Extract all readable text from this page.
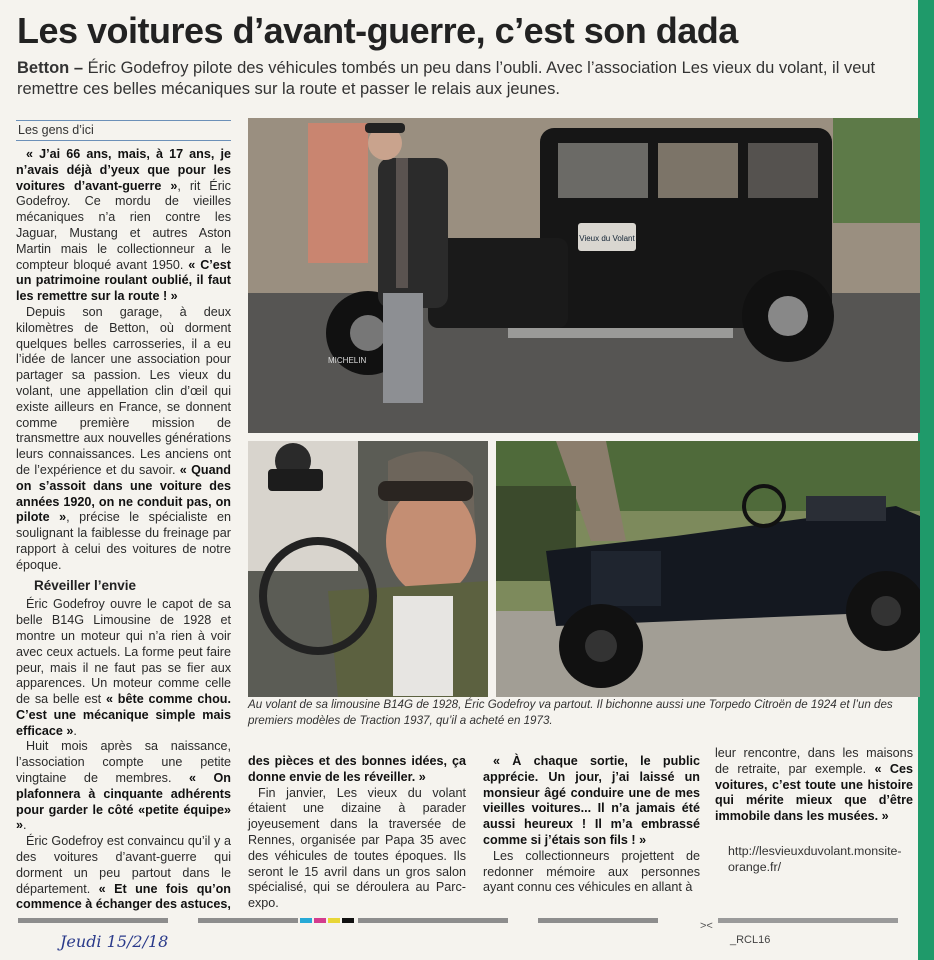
Les voitures d’avant-guerre, c’est son dada
Betton – Éric Godefroy pilote des véhicules tombés un peu dans l’oubli. Avec l’association Les vieux du volant, il veut remettre ces belles mécaniques sur la route et passer le relais aux jeunes.
Les gens d’ici

« J’ai 66 ans, mais, à 17 ans, je n’avais déjà d’yeux que pour les voitures d’avant-guerre », rit Éric Godefroy. Ce mordu de vieilles mécaniques n’a rien contre les Jaguar, Mustang et autres Aston Martin mais le collectionneur a le compteur bloqué avant 1950. « C’est un patrimoine roulant oublié, il faut les remettre sur la route ! »

Depuis son garage, à deux kilomètres de Betton, où dorment quelques belles carrosseries, il a eu l’idée de lancer une association pour partager sa passion. Les vieux du volant, une appellation clin d’œil qui existe ailleurs en France, se donnent comme première mission de transmettre aux nouvelles générations leurs connaissances. Les anciens ont de l’expérience et du savoir. « Quand on s’assoit dans une voiture des années 1920, on ne conduit pas, on pilote », précise le spécialiste en soulignant la faiblesse du freinage par rapport à celui des voitures de notre époque.

Réveiller l’envie

Éric Godefroy ouvre le capot de sa belle B14G Limousine de 1928 et montre un moteur qui n’a rien à voir avec ceux actuels. La forme peut faire peur, mais il ne faut pas se fier aux apparences. Un moteur comme celle de sa belle est « bête comme chou. C’est une mécanique simple mais efficace ».

Huit mois après sa naissance, l’association compte une petite vingtaine de membres. « On plafonnera à cinquante adhérents pour garder le côté «petite équipe» ».

Éric Godefroy est convaincu qu’il y a des voitures d’avant-guerre qui dorment un peu partout dans le département. « Et une fois qu’on commence à échanger des astuces,

Vieux du Volant
MICHELIN
Au volant de sa limousine B14G de 1928, Éric Godefroy va partout. Il bichonne aussi une Torpedo Citroën de 1924 et l’un des premiers modèles de Traction 1937, qu’il a acheté en 1973.

des pièces et des bonnes idées, ça donne envie de les réveiller. »

Fin janvier, Les vieux du volant étaient une dizaine à parader joyeusement dans la traversée de Rennes, organisée par Papa 35 avec des véhicules de toutes époques. Ils seront le 15 avril dans un gros salon spécialisé, qui se déroulera au Parc-expo.

« À chaque sortie, le public apprécie. Un jour, j’ai laissé un monsieur âgé conduire une de mes vieilles voitures... Il n’a jamais été aussi heureux ! Il m’a embrassé comme si j’étais son fils ! »

Les collectionneurs projettent de redonner mémoire aux personnes ayant connu ces véhicules en allant à

leur rencontre, dans les maisons de retraite, par exemple. « Ces voitures, c’est toute une histoire qui mérite mieux que d’être immobile dans les musées. »

http://lesvieuxduvolant.monsite-orange.fr/
><
Jeudi 15/2/18	_RCL16
